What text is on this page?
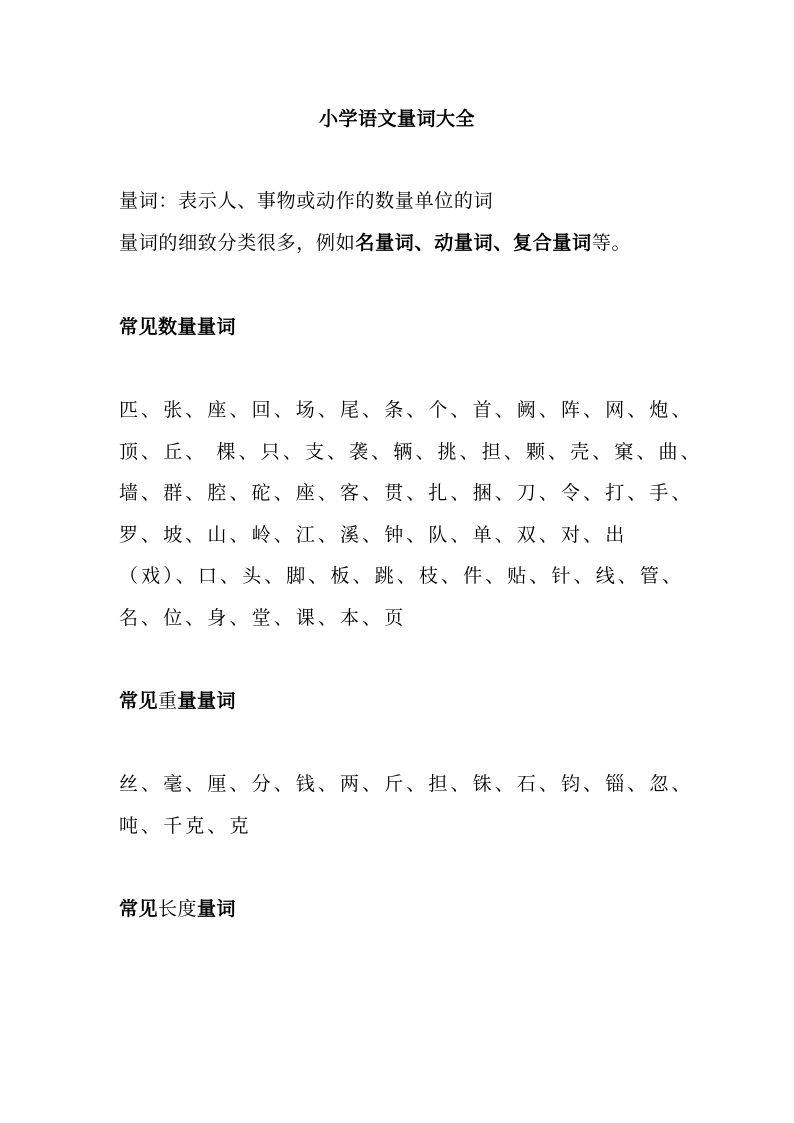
小学语文量词大全
量词：表示人、事物或动作的数量单位的词
量词的细致分类很多，例如名量词、动量词、复合量词等。
常见数量量词
匹、张、座、回、场、尾、条、个、首、阙、阵、网、炮、
顶、丘、 棵、只、支、袭、辆、挑、担、颗、壳、窠、曲、
墙、群、腔、砣、座、客、贯、扎、捆、刀、令、打、手、
罗、坡、山、岭、江、溪、钟、队、单、双、对、出
（戏）、口、头、脚、板、跳、枝、件、贴、针、线、管、
名、位、身、堂、课、本、页
常见重量量词
丝、毫、厘、分、钱、两、斤、担、铢、石、钧、锱、忽、
吨、千克、克
常见长度量词
